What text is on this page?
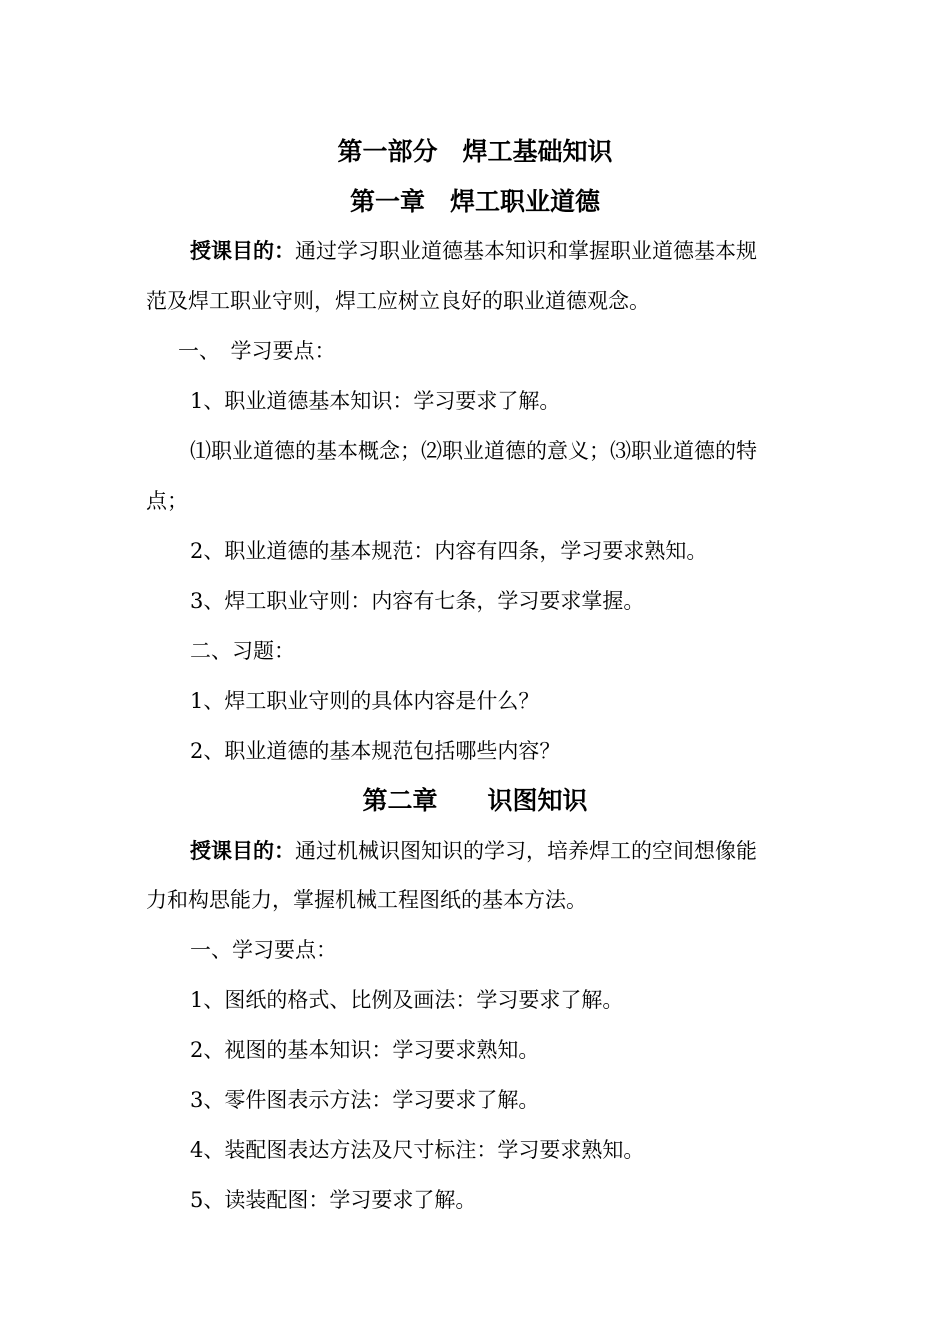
第一部分　焊工基础知识
第一章　焊工职业道德
授课目的：通过学习职业道德基本知识和掌握职业道德基本规
范及焊工职业守则，焊工应树立良好的职业道德观念。
一、　学习要点：
1、职业道德基本知识：学习要求了解。
⑴职业道德的基本概念；⑵职业道德的意义；⑶职业道德的特
点；
2、职业道德的基本规范：内容有四条，学习要求熟知。
3、焊工职业守则：内容有七条，学习要求掌握。
二、习题：
1、焊工职业守则的具体内容是什么？
2、职业道德的基本规范包括哪些内容？
第二章　　识图知识
授课目的：通过机械识图知识的学习，培养焊工的空间想像能
力和构思能力，掌握机械工程图纸的基本方法。
一、学习要点：
1、图纸的格式、比例及画法：学习要求了解。
2、视图的基本知识：学习要求熟知。
3、零件图表示方法：学习要求了解。
4、装配图表达方法及尺寸标注：学习要求熟知。
5、读装配图：学习要求了解。
